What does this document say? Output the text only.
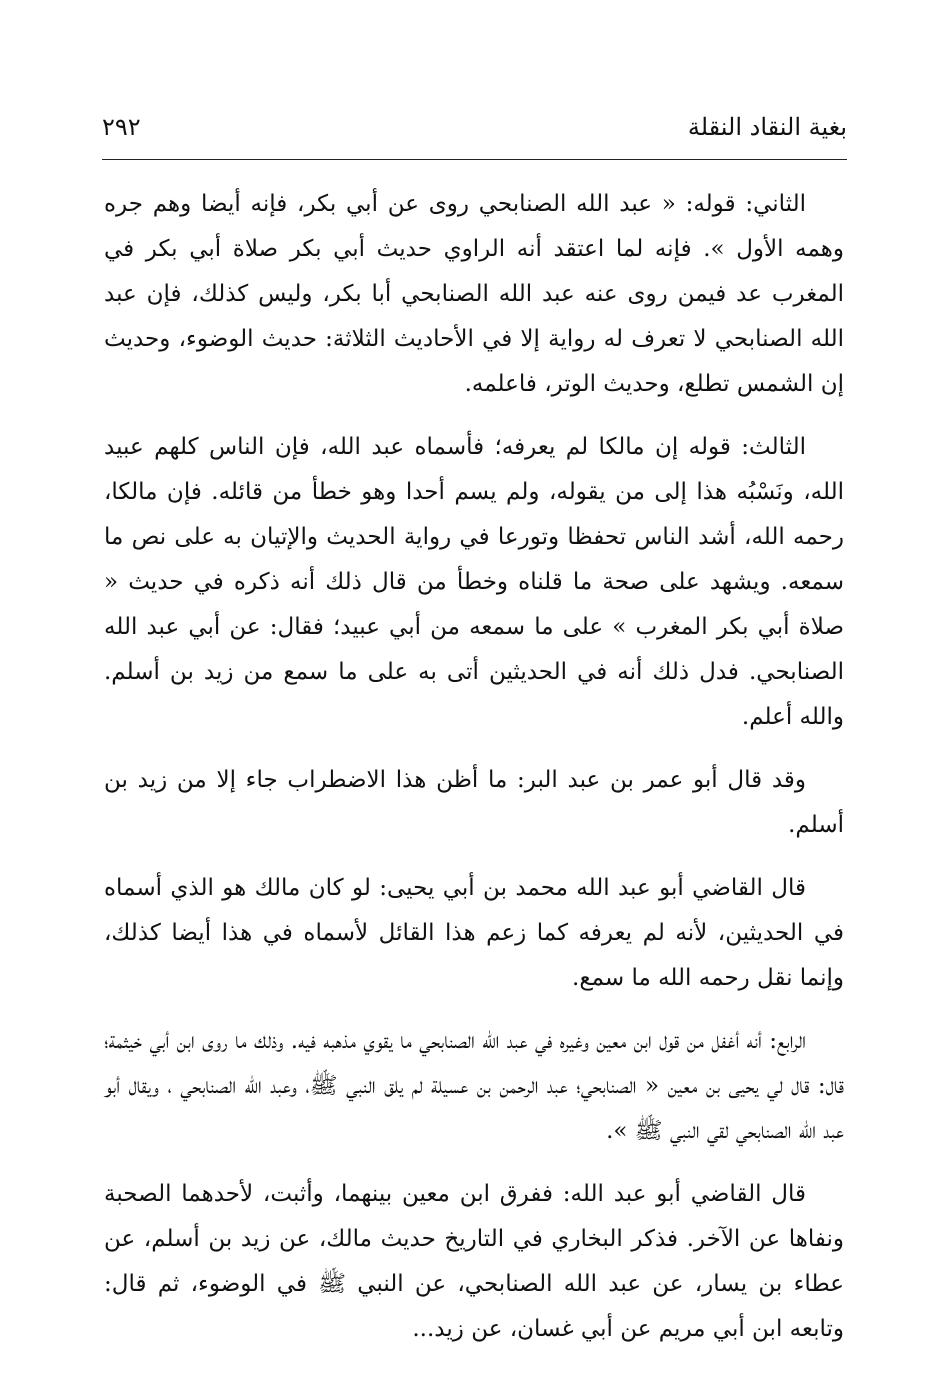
بغية النقاد النقلة
٢٩٢

الثاني: قوله: « عبد الله الصنابحي روى عن أبي بكر، فإنه أيضا وهم جره وهمه الأول ». فإنه لما اعتقد أنه الراوي حديث أبي بكر صلاة أبي بكر في المغرب عد فيمن روى عنه عبد الله الصنابحي أبا بكر، وليس كذلك، فإن عبد الله الصنابحي لا تعرف له رواية إلا في الأحاديث الثلاثة: حديث الوضوء، وحديث إن الشمس تطلع، وحديث الوتر، فاعلمه.

الثالث: قوله إن مالكا لم يعرفه؛ فأسماه عبد الله، فإن الناس كلهم عبيد الله، ونَسْبُه هذا إلى من يقوله، ولم يسم أحدا وهو خطأ من قائله. فإن مالكا، رحمه الله، أشد الناس تحفظا وتورعا في رواية الحديث والإتيان به على نص ما سمعه. ويشهد على صحة ما قلناه وخطأ من قال ذلك أنه ذكره في حديث « صلاة أبي بكر المغرب » على ما سمعه من أبي عبيد؛ فقال: عن أبي عبد الله الصنابحي. فدل ذلك أنه في الحديثين أتى به على ما سمع من زيد بن أسلم. والله أعلم.

وقد قال أبو عمر بن عبد البر: ما أظن هذا الاضطراب جاء إلا من زيد بن أسلم.

قال القاضي أبو عبد الله محمد بن أبي يحيى: لو كان مالك هو الذي أسماه في الحديثين، لأنه لم يعرفه كما زعم هذا القائل لأسماه في هذا أيضا كذلك، وإنما نقل رحمه الله ما سمع.

الرابع: أنه أغفل من قول ابن معين وغيره في عبد الله الصنابحي ما يقوي مذهبه فيه. وذلك ما روى ابن أبي خيثمة؛ قال: قال لي يحيى بن معين « الصنابحي؛ عبد الرحمن بن عسيلة لم يلق النبي ﷺ، وعبد الله الصنابحي ، ويقال أبو عبد الله الصنابحي لقي النبي ﷺ ».

قال القاضي أبو عبد الله: ففرق ابن معين بينهما، وأثبت، لأحدهما الصحبة ونفاها عن الآخر. فذكر البخاري في التاريخ حديث مالك، عن زيد بن أسلم، عن عطاء بن يسار، عن عبد الله الصنابحي، عن النبي ﷺ في الوضوء، ثم قال: وتابعه ابن أبي مريم عن أبي غسان، عن زيد...
